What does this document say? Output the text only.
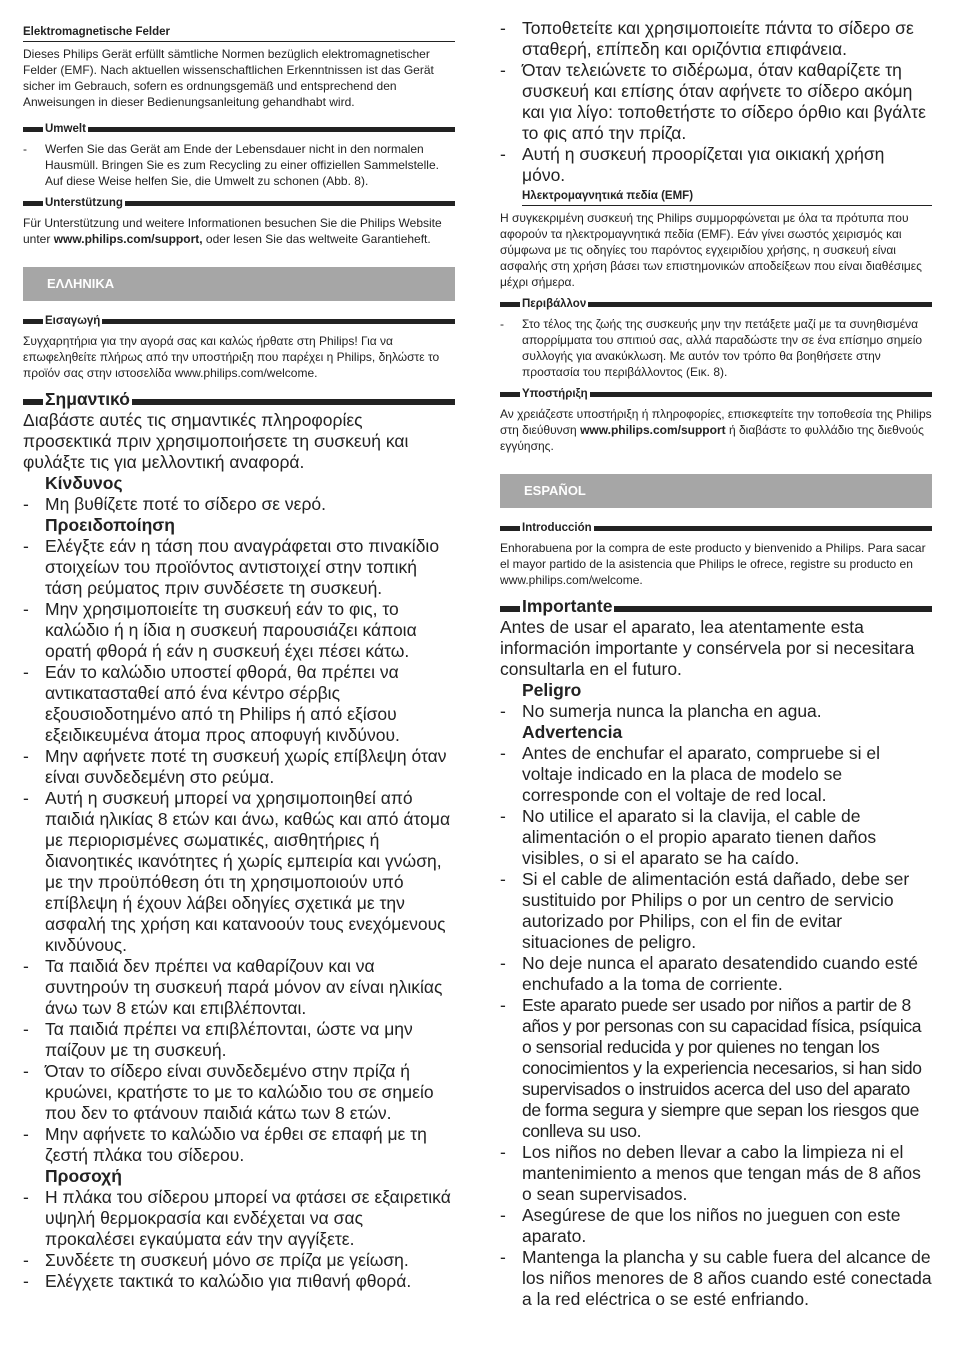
Elektromagnetische Felder

Dieses Philips Gerät erfüllt sämtliche Normen bezüglich elektromagnetischer Felder (EMF). Nach aktuellen wissenschaftlichen Erkenntnissen ist das Gerät sicher im Gebrauch, sofern es ordnungsgemäß und entsprechend den Anweisungen in dieser Bedienungsanleitung gehandhabt wird.

Umwelt
- Werfen Sie das Gerät am Ende der Lebensdauer nicht in den normalen Hausmüll. Bringen Sie es zum Recycling zu einer offiziellen Sammelstelle. Auf diese Weise helfen Sie, die Umwelt zu schonen (Abb. 8).
Unterstützung

Für Unterstützung und weitere Informationen besuchen Sie die Philips Website unter www.philips.com/support, oder lesen Sie das weltweite Garantieheft.

ΕΛΛΗΝΙΚΑ
Εισαγωγή

Συγχαρητήρια για την αγορά σας και καλώς ήρθατε στη Philips! Για να επωφεληθείτε πλήρως από την υποστήριξη που παρέχει η Philips, δηλώστε το προϊόν σας στην ιστοσελίδα www.philips.com/welcome.

Σημαντικό

Διαβάστε αυτές τις σημαντικές πληροφορίες προσεκτικά πριν χρησιμοποιήσετε τη συσκευή και φυλάξτε τις για μελλοντική αναφορά.

Κίνδυνος
- Μη βυθίζετε ποτέ το σίδερο σε νερό.
Προειδοποίηση
- Ελέγξτε εάν η τάση που αναγράφεται στο πινακίδιο στοιχείων του προϊόντος αντιστοιχεί στην τοπική τάση ρεύματος πριν συνδέσετε τη συσκευή.
- Μην χρησιμοποιείτε τη συσκευή εάν το φις, το καλώδιο ή η ίδια η συσκευή παρουσιάζει κάποια ορατή φθορά ή εάν η συσκευή έχει πέσει κάτω.
- Εάν το καλώδιο υποστεί φθορά, θα πρέπει να αντικατασταθεί από ένα κέντρο σέρβις εξουσιοδοτημένο από τη Philips ή από εξίσου εξειδικευμένα άτομα προς αποφυγή κινδύνου.
- Μην αφήνετε ποτέ τη συσκευή χωρίς επίβλεψη όταν είναι συνδεδεμένη στο ρεύμα.
- Αυτή η συσκευή μπορεί να χρησιμοποιηθεί από παιδιά ηλικίας 8 ετών και άνω, καθώς και από άτομα με περιορισμένες σωματικές, αισθητήριες ή διανοητικές ικανότητες ή χωρίς εμπειρία και γνώση, με την προϋπόθεση ότι τη χρησιμοποιούν υπό επίβλεψη ή έχουν λάβει οδηγίες σχετικά με την ασφαλή της χρήση και κατανοούν τους ενεχόμενους κινδύνους.
- Τα παιδιά δεν πρέπει να καθαρίζουν και να συντηρούν τη συσκευή παρά μόνον αν είναι ηλικίας άνω των 8 ετών και επιβλέπονται.
- Τα παιδιά πρέπει να επιβλέπονται, ώστε να μην παίζουν με τη συσκευή.
- Όταν το σίδερο είναι συνδεδεμένο στην πρίζα ή κρυώνει, κρατήστε το με το καλώδιο του σε σημείο που δεν το φτάνουν παιδιά κάτω των 8 ετών.
- Μην αφήνετε το καλώδιο να έρθει σε επαφή με τη ζεστή πλάκα του σίδερου.
Προσοχή
- Η πλάκα του σίδερου μπορεί να φτάσει σε εξαιρετικά υψηλή θερμοκρασία και ενδέχεται να σας προκαλέσει εγκαύματα εάν την αγγίξετε.
- Συνδέετε τη συσκευή μόνο σε πρίζα με γείωση.
- Ελέγχετε τακτικά το καλώδιο για πιθανή φθορά.
- Τοποθετείτε και χρησιμοποιείτε πάντα το σίδερο σε σταθερή, επίπεδη και οριζόντια επιφάνεια.
- Όταν τελειώνετε το σιδέρωμα, όταν καθαρίζετε τη συσκευή και επίσης όταν αφήνετε το σίδερο ακόμη και για λίγο: τοποθετήστε το σίδερο όρθιο και βγάλτε το φις από την πρίζα.
- Αυτή η συσκευή προορίζεται για οικιακή χρήση μόνο.
Ηλεκτρομαγνητικά πεδία (EMF)

Η συγκεκριμένη συσκευή της Philips συμμορφώνεται με όλα τα πρότυπα που αφορούν τα ηλεκτρομαγνητικά πεδία (EMF). Εάν γίνει σωστός χειρισμός και σύμφωνα με τις οδηγίες του παρόντος εγχειριδίου χρήσης, η συσκευή είναι ασφαλής στη χρήση βάσει των επιστημονικών αποδείξεων που είναι διαθέσιμες μέχρι σήμερα.

Περιβάλλον
- Στο τέλος της ζωής της συσκευής μην την πετάξετε μαζί με τα συνηθισμένα απορρίμματα του σπιτιού σας, αλλά παραδώστε την σε ένα επίσημο σημείο συλλογής για ανακύκλωση. Με αυτόν τον τρόπο θα βοηθήσετε στην προστασία του περιβάλλοντος (Εικ. 8).
Υποστήριξη

Αν χρειάζεστε υποστήριξη ή πληροφορίες, επισκεφτείτε την τοποθεσία της Philips στη διεύθυνση www.philips.com/support ή διαβάστε το φυλλάδιο της διεθνούς εγγύησης.

ESPAÑOL
Introducción

Enhorabuena por la compra de este producto y bienvenido a Philips. Para sacar el mayor partido de la asistencia que Philips le ofrece, registre su producto en www.philips.com/welcome.

Importante

Antes de usar el aparato, lea atentamente esta información importante y consérvela por si necesitara consultarla en el futuro.

Peligro
- No sumerja nunca la plancha en agua.
Advertencia
- Antes de enchufar el aparato, compruebe si el voltaje indicado en la placa de modelo se corresponde con el voltaje de red local.
- No utilice el aparato si la clavija, el cable de alimentación o el propio aparato tienen daños visibles, o si el aparato se ha caído.
- Si el cable de alimentación está dañado, debe ser sustituido por Philips o por un centro de servicio autorizado por Philips, con el fin de evitar situaciones de peligro.
- No deje nunca el aparato desatendido cuando esté enchufado a la toma de corriente.
- Este aparato puede ser usado por niños a partir de 8 años y por personas con su capacidad física, psíquica o sensorial reducida y por quienes no tengan los conocimientos y la experiencia necesarios, si han sido supervisados o instruidos acerca del uso del aparato de forma segura y siempre que sepan los riesgos que conlleva su uso.
- Los niños no deben llevar a cabo la limpieza ni el mantenimiento a menos que tengan más de 8 años o sean supervisados.
- Asegúrese de que los niños no jueguen con este aparato.
- Mantenga la plancha y su cable fuera del alcance de los niños menores de 8 años cuando esté conectada a la red eléctrica o se esté enfriando.
